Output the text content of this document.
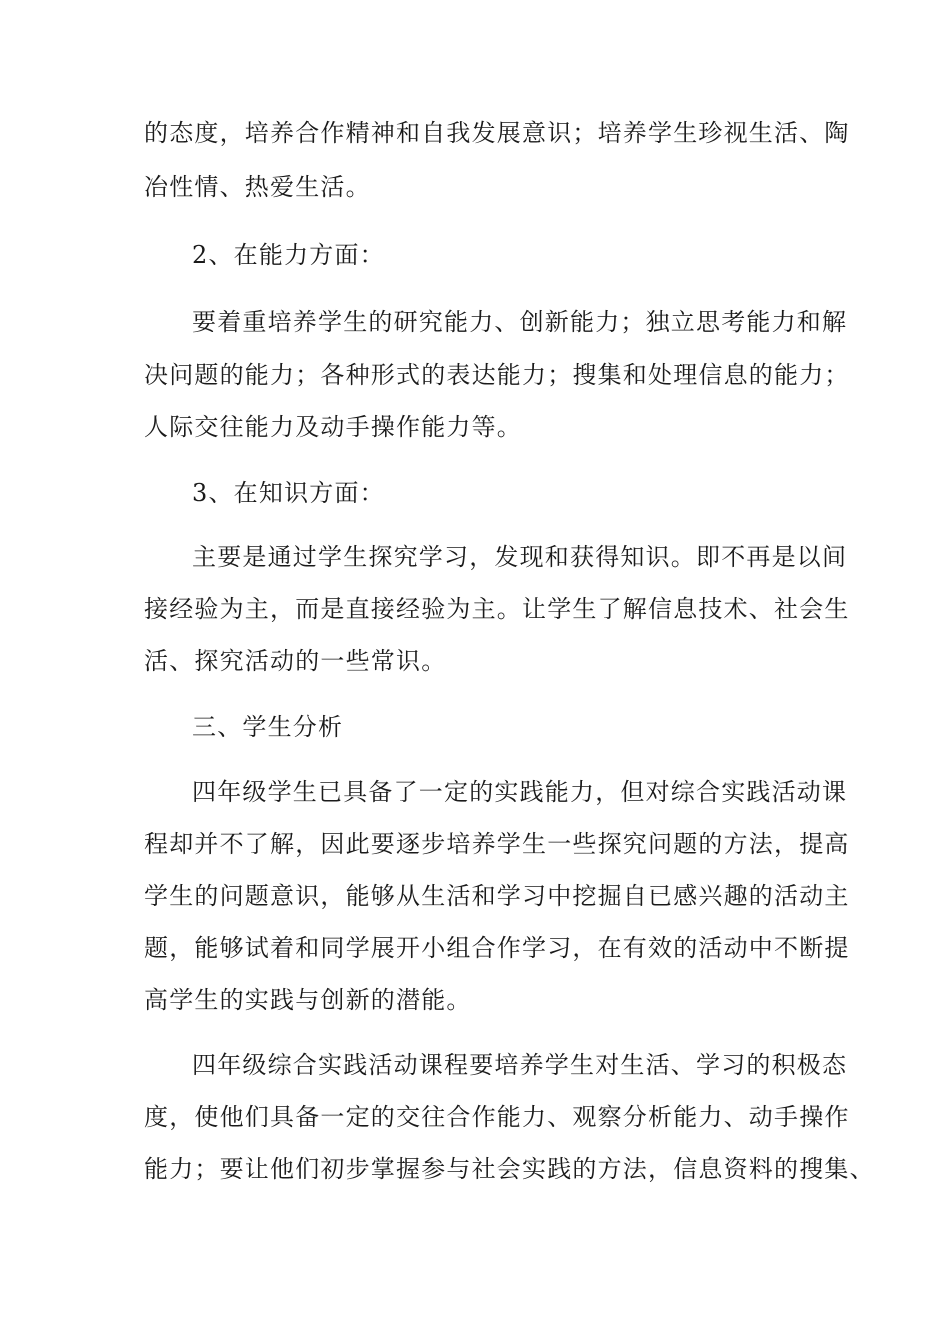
的态度，培养合作精神和自我发展意识；培养学生珍视生活、陶
冶性情、热爱生活。
2、在能力方面：
要着重培养学生的研究能力、创新能力；独立思考能力和解
决问题的能力；各种形式的表达能力；搜集和处理信息的能力；
人际交往能力及动手操作能力等。
3、在知识方面：
主要是通过学生探究学习，发现和获得知识。即不再是以间
接经验为主，而是直接经验为主。让学生了解信息技术、社会生
活、探究活动的一些常识。
三、学生分析
四年级学生已具备了一定的实践能力，但对综合实践活动课
程却并不了解，因此要逐步培养学生一些探究问题的方法，提高
学生的问题意识，能够从生活和学习中挖掘自已感兴趣的活动主
题，能够试着和同学展开小组合作学习，在有效的活动中不断提
高学生的实践与创新的潜能。
四年级综合实践活动课程要培养学生对生活、学习的积极态
度，使他们具备一定的交往合作能力、观察分析能力、动手操作
能力；要让他们初步掌握参与社会实践的方法，信息资料的搜集、
